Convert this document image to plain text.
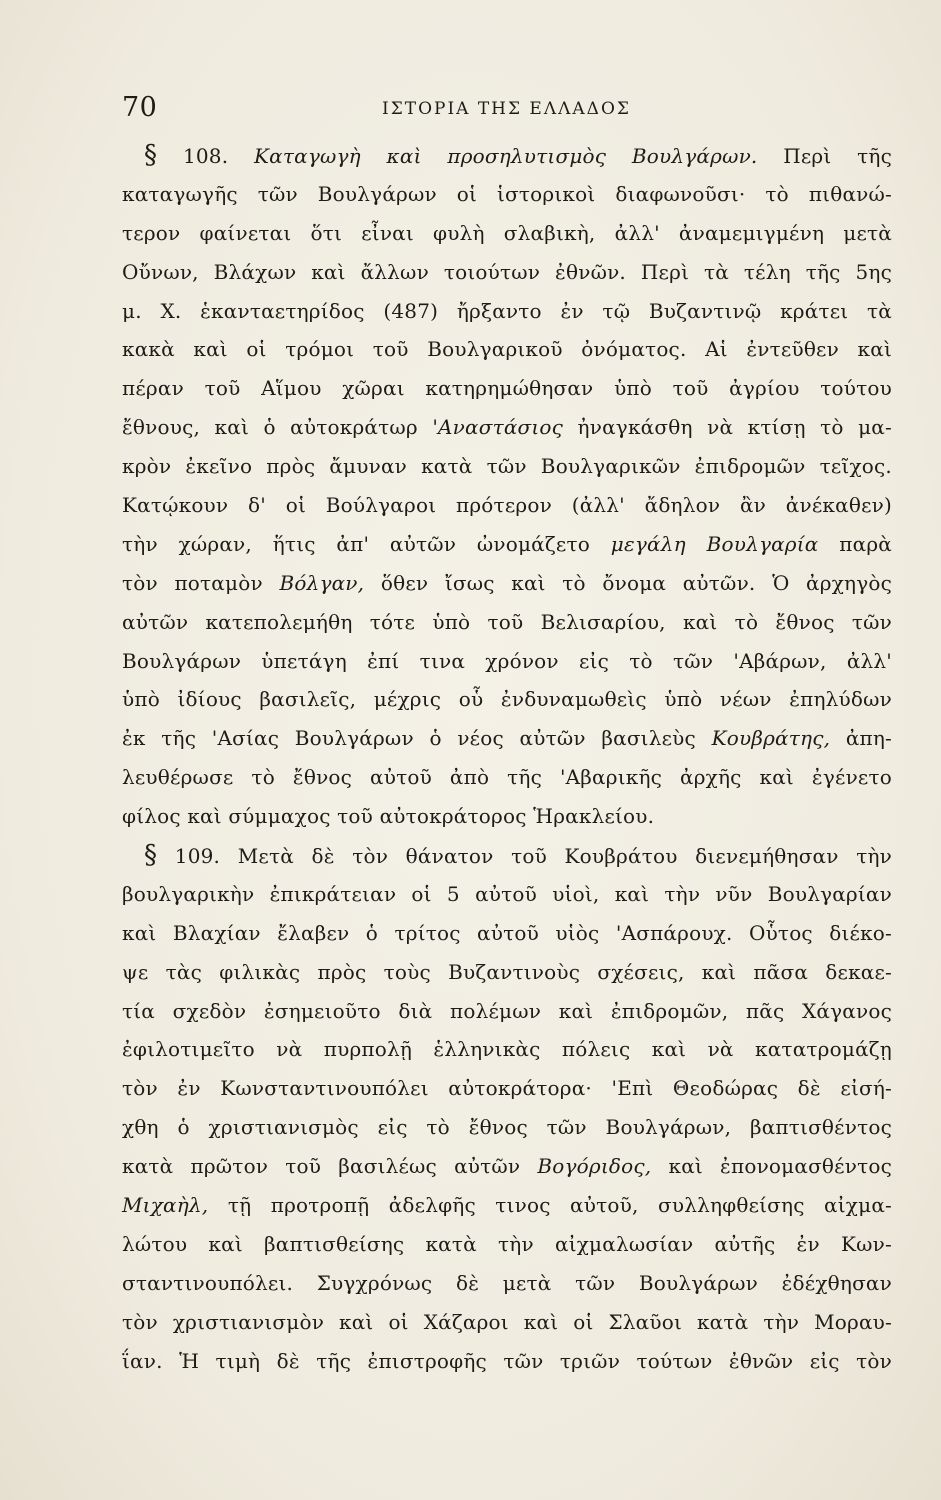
70	ΙΣΤΟΡΙΑ ΤΗΣ ΕΛΛΑΔΟΣ
§ 108. Καταγωγὴ καὶ προσηλυτισμὸς Βουλγάρων. Περὶ τῆς
καταγωγῆς τῶν Βουλγάρων οἱ ἱστορικοὶ διαφωνοῦσι· τὸ πιθανώ-
τερον φαίνεται ὅτι εἶναι φυλὴ σλαβικὴ, ἀλλ' ἀναμεμιγμένη μετὰ
Οὔνων, Βλάχων καὶ ἄλλων τοιούτων ἐθνῶν. Περὶ τὰ τέλη τῆς 5ης
μ. Χ. ἑκανταετηρίδος (487) ἤρξαντο ἐν τῷ Βυζαντινῷ κράτει τὰ
κακὰ καὶ οἱ τρόμοι τοῦ Βουλγαρικοῦ ὀνόματος. Αἱ ἐντεῦθεν καὶ
πέραν τοῦ Αἵμου χῶραι κατηρημώθησαν ὑπὸ τοῦ ἀγρίου τούτου
ἔθνους, καὶ ὁ αὐτοκράτωρ 'Αναστάσιος ἠναγκάσθη νὰ κτίσῃ τὸ μα-
κρὸν ἐκεῖνο πρὸς ἄμυναν κατὰ τῶν Βουλγαρικῶν ἐπιδρομῶν τεῖχος.
Κατῴκουν δ' οἱ Βούλγαροι πρότερον (ἀλλ' ἄδηλον ἂν ἀνέκαθεν)
τὴν χώραν, ἥτις ἀπ' αὐτῶν ὠνομάζετο μεγάλη Βουλγαρία παρὰ
τὸν ποταμὸν Βόλγαν, ὅθεν ἴσως καὶ τὸ ὄνομα αὐτῶν. Ὁ ἀρχηγὸς
αὐτῶν κατεπολεμήθη τότε ὑπὸ τοῦ Βελισαρίου, καὶ τὸ ἔθνος τῶν
Βουλγάρων ὑπετάγη ἐπί τινα χρόνον εἰς τὸ τῶν 'Αβάρων, ἀλλ'
ὑπὸ ἰδίους βασιλεῖς, μέχρις οὗ ἐνδυναμωθεὶς ὑπὸ νέων ἐπηλύδων
ἐκ τῆς 'Ασίας Βουλγάρων ὁ νέος αὐτῶν βασιλεὺς Κουβράτης, ἀπη-
λευθέρωσε τὸ ἔθνος αὐτοῦ ἀπὸ τῆς 'Αβαρικῆς ἀρχῆς καὶ ἐγένετο
φίλος καὶ σύμμαχος τοῦ αὐτοκράτορος Ἡρακλείου.
§ 109. Μετὰ δὲ τὸν θάνατον τοῦ Κουβράτου διενεμήθησαν τὴν
βουλγαρικὴν ἐπικράτειαν οἱ 5 αὐτοῦ υἱοὶ, καὶ τὴν νῦν Βουλγαρίαν
καὶ Βλαχίαν ἔλαβεν ὁ τρίτος αὐτοῦ υἱὸς 'Ασπάρουχ. Οὗτος διέκο-
ψε τὰς φιλικὰς πρὸς τοὺς Βυζαντινοὺς σχέσεις, καὶ πᾶσα δεκαε-
τία σχεδὸν ἐσημειοῦτο διὰ πολέμων καὶ ἐπιδρομῶν, πᾶς Χάγανος
ἐφιλοτιμεῖτο νὰ πυρπολῇ ἑλληνικὰς πόλεις καὶ νὰ κατατρομάζῃ
τὸν ἐν Κωνσταντινουπόλει αὐτοκράτορα· 'Επὶ Θεοδώρας δὲ εἰσή-
χθη ὁ χριστιανισμὸς εἰς τὸ ἔθνος τῶν Βουλγάρων, βαπτισθέντος
κατὰ πρῶτον τοῦ βασιλέως αὐτῶν Βογόριδος, καὶ ἐπονομασθέντος
Μιχαὴλ, τῇ προτροπῇ ἀδελφῆς τινος αὐτοῦ, συλληφθείσης αἰχμα-
λώτου καὶ βαπτισθείσης κατὰ τὴν αἰχμαλωσίαν αὐτῆς ἐν Κων-
σταντινουπόλει. Συγχρόνως δὲ μετὰ τῶν Βουλγάρων ἐδέχθησαν
τὸν χριστιανισμὸν καὶ οἱ Χάζαροι καὶ οἱ Σλαῦοι κατὰ τὴν Μοραυ-
ΐαν. Ἡ τιμὴ δὲ τῆς ἐπιστροφῆς τῶν τριῶν τούτων ἐθνῶν εἰς τὸν
